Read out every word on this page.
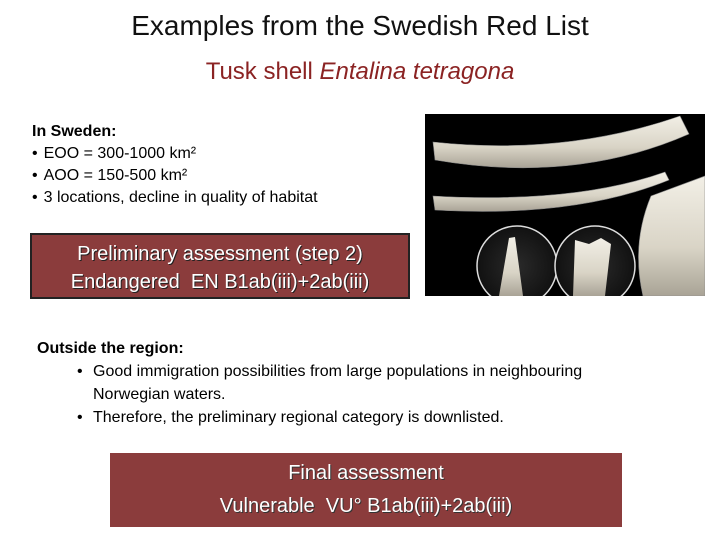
Examples from the Swedish Red List
Tusk shell Entalina tetragona
In Sweden:
• EOO = 300-1000 km²
• AOO = 150-500 km²
• 3 locations, decline in quality of habitat
Preliminary assessment (step 2)
Endangered  EN B1ab(iii)+2ab(iii)
Outside the region:
• Good immigration possibilities from large populations in neighbouring Norwegian waters.
• Therefore, the preliminary regional category is downlisted.
Final assessment
Vulnerable  VU° B1ab(iii)+2ab(iii)
